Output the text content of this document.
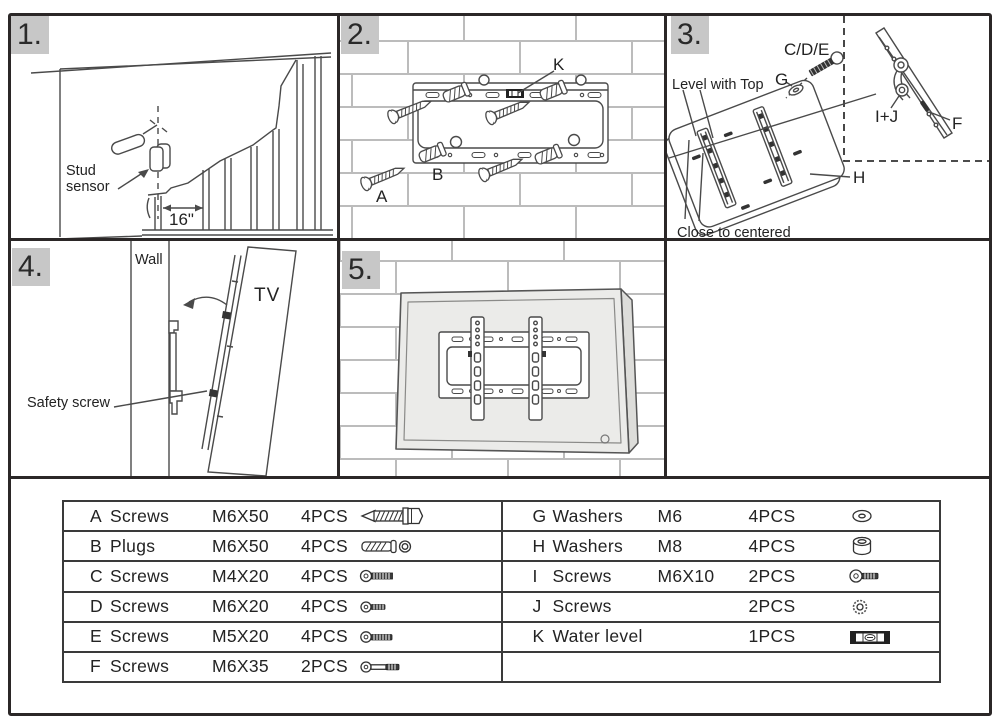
1.
Stud
sensor
16"
2.
A
B
K
3.
Level with Top
C/D/E
G
H
I+J	F
Close to centered
4.	Wall
TV
Safety screw
5.
A Screws	M6X50	4PCS
B Plugs	M6X50	4PCS
C Screws	M4X20	4PCS
D Screws	M6X20	4PCS
E Screws	M5X20	4PCS
F Screws	M6X35	2PCS
G Washers	M6	4PCS
H Washers	M8	4PCS
I Screws	M6X10	2PCS
J Screws	2PCS
K Water level	1PCS
